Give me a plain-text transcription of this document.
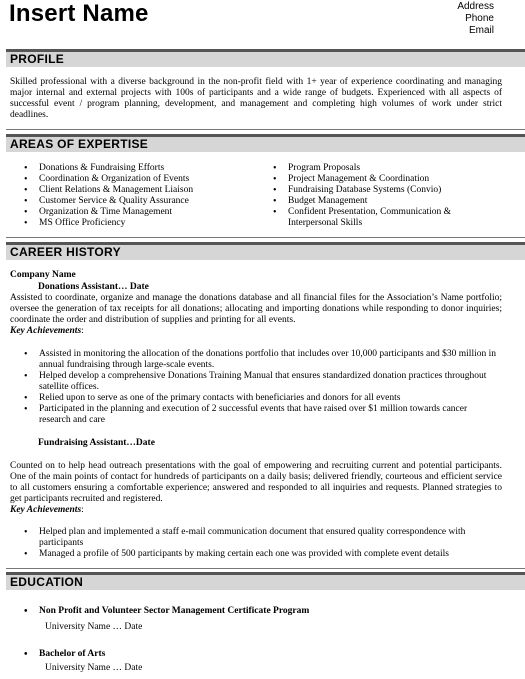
Insert Name	Address
Phone
Email
PROFILE
Skilled professional with a diverse background in the non-profit field with 1+ year of experience coordinating and managing major internal and external projects with 100s of participants and a wide range of budgets. Experienced with all aspects of successful event / program planning, development, and management and completing high volumes of work under strict deadlines.
AREAS OF EXPERTISE
• Donations & Fundraising Efforts
• Coordination & Organization of Events
• Client Relations & Management Liaison
• Customer Service & Quality Assurance
• Organization & Time Management
• MS Office Proficiency
• Program Proposals
• Project Management & Coordination
• Fundraising Database Systems (Convio)
• Budget Management
• Confident Presentation, Communication & Interpersonal Skills
CAREER HISTORY
Company Name
Donations Assistant… Date
Assisted to coordinate, organize and manage the donations database and all financial files for the Association’s Name portfolio; oversee the generation of tax receipts for all donations; allocating and importing donations while responding to donor inquiries; coordinate the order and distribution of supplies and printing for all events.
Key Achievements:
• Assisted in monitoring the allocation of the donations portfolio that includes over 10,000 participants and $30 million in annual fundraising through large-scale events.
• Helped develop a comprehensive Donations Training Manual that ensures standardized donation practices throughout satellite offices.
• Relied upon to serve as one of the primary contacts with beneficiaries and donors for all events
• Participated in the planning and execution of 2 successful events that have raised over $1 million towards cancer research and care
Fundraising Assistant…Date
Counted on to help head outreach presentations with the goal of empowering and recruiting current and potential participants. One of the main points of contact for hundreds of participants on a daily basis; delivered friendly, courteous and efficient service to all customers ensuring a comfortable experience; answered and responded to all inquiries and requests. Planned strategies to get participants recruited and registered.
Key Achievements:
• Helped plan and implemented a staff e-mail communication document that ensured quality correspondence with participants
• Managed a profile of 500 participants by making certain each one was provided with complete event details
EDUCATION
• Non Profit and Volunteer Sector Management Certificate Program
University Name … Date
• Bachelor of Arts
University Name … Date
